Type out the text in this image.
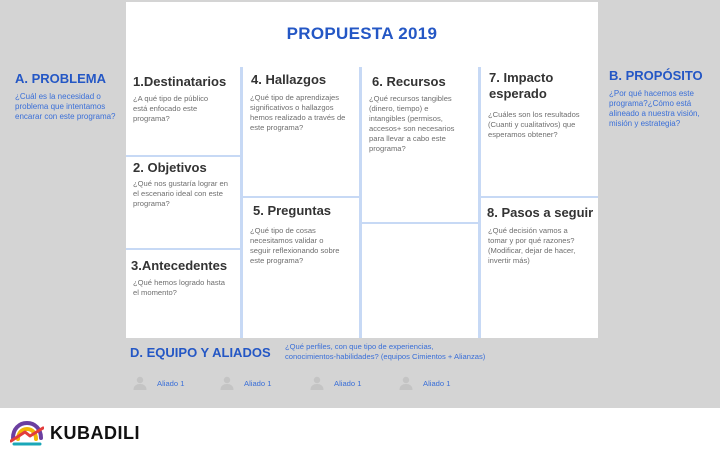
PROPUESTA 2019
A. PROBLEMA
¿Cuál es la necesidad o
problema que intentamos
encarar con este programa?
B. PROPÓSITO
¿Por qué hacemos este
programa?¿Cómo está
alineado a nuestra visión,
misión y estrategia?
1.Destinatarios
¿A qué tipo de público
está enfocado este
programa?
2. Objetivos
¿Qué nos gustaría lograr en
el escenario ideal con este
programa?
3.Antecedentes
¿Qué hemos logrado hasta
el momento?
4. Hallazgos
¿Qué tipo de aprendizajes
significativos o hallazgos
hemos realizado a través de
este programa?
5. Preguntas
¿Qué tipo de cosas
necesitamos validar o
seguir reflexionando sobre
este programa?
6. Recursos
¿Qué recursos tangibles
(dinero, tiempo) e
intangibles (permisos,
accesos+ son necesarios
para llevar a cabo este
programa?
7. Impacto
esperado
¿Cuáles son los resultados
(Cuanti y cualitativos) que
esperamos obtener?
8. Pasos a seguir
¿Qué decisión vamos a
tomar y por qué razones?
(Modificar, dejar de hacer,
invertir más)
D. EQUIPO Y ALIADOS ¿Qué perfiles, con que tipo de experiencias,
conocimientos-habilidades? (equipos Cimientos + Alianzas)
Aliado 1	Aliado 1	Aliado 1	Aliado 1
KUBADILI
